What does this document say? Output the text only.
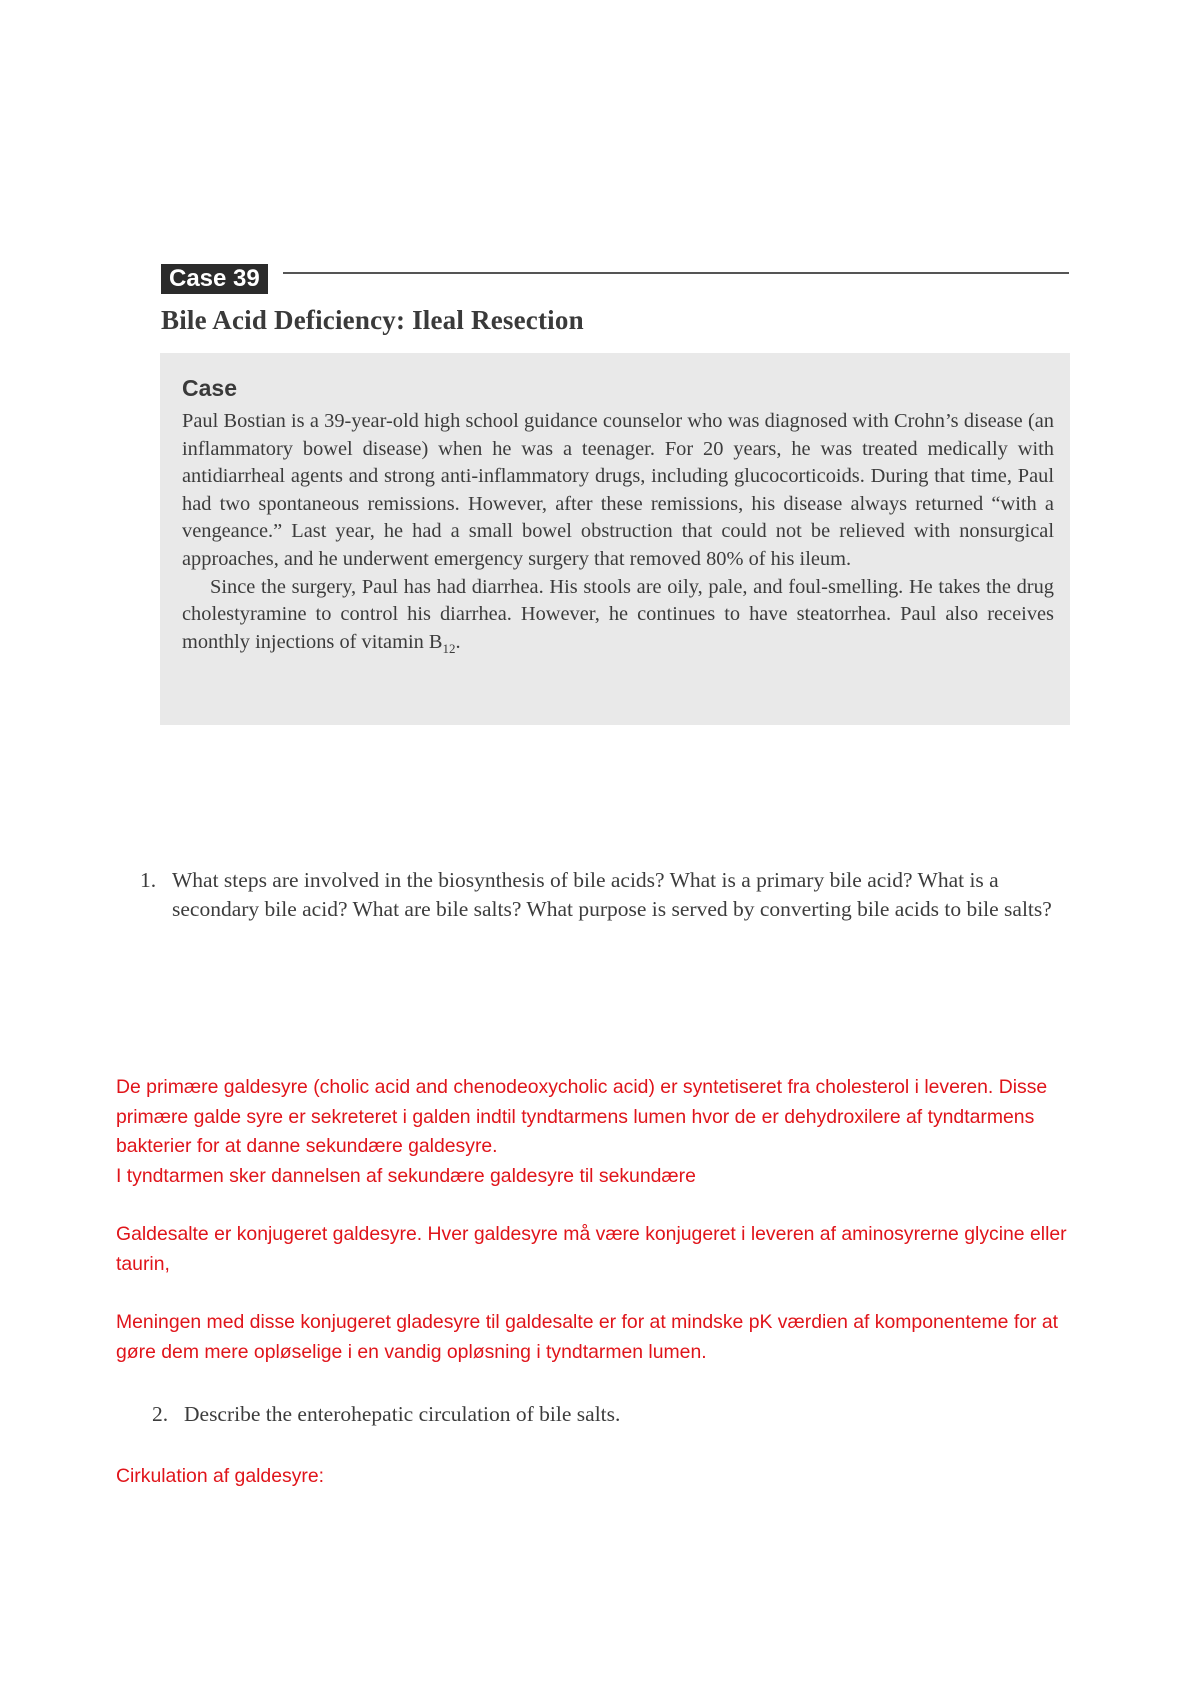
Case 39
Bile Acid Deficiency: Ileal Resection
Case

Paul Bostian is a 39-year-old high school guidance counselor who was diagnosed with Crohn’s disease (an inflammatory bowel disease) when he was a teenager. For 20 years, he was treated medically with antidiarrheal agents and strong anti-inflammatory drugs, including glucocorticoids. During that time, Paul had two spontaneous remissions. However, after these remissions, his disease always returned “with a vengeance.” Last year, he had a small bowel obstruction that could not be relieved with nonsurgical approaches, and he underwent emergency surgery that removed 80% of his ileum.

Since the surgery, Paul has had diarrhea. His stools are oily, pale, and foul-smelling. He takes the drug cholestyramine to control his diarrhea. However, he continues to have steatorrhea. Paul also receives monthly injections of vitamin $B_{12}$.

1. What steps are involved in the biosynthesis of bile acids? What is a primary bile acid? What is a secondary bile acid? What are bile salts? What purpose is served by converting bile acids to bile salts?

De primære galdesyre (cholic acid and chenodeoxycholic acid) er syntetiseret fra cholesterol i leveren. Disse primære galde syre er sekreteret i galden indtil tyndtarmens lumen hvor de er dehydroxilere af tyndtarmens bakterier for at danne sekundære galdesyre.

I tyndtarmen sker dannelsen af sekundære galdesyre til sekundære

Galdesalte er konjugeret galdesyre. Hver galdesyre må være konjugeret i leveren af aminosyrerne glycine eller taurin,

Meningen med disse konjugeret gladesyre til galdesalte er for at mindske pK værdien af komponenteme for at gøre dem mere opløselige i en vandig opløsning i tyndtarmen lumen.

2. Describe the enterohepatic circulation of bile salts.

Cirkulation af galdesyre:
